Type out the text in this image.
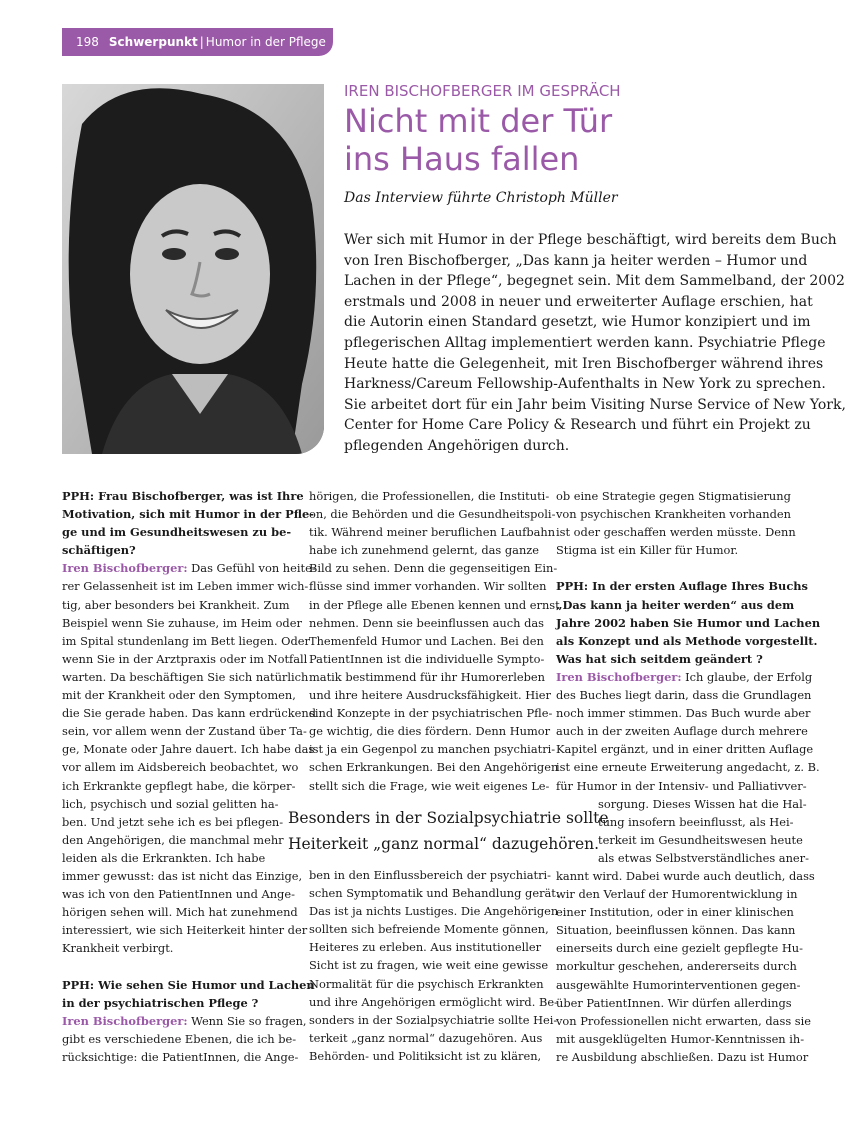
198 Schwerpunkt | Humor in der Pflege
IREN BISCHOFBERGER IM GESPRÄCH
Nicht mit der Tür
ins Haus fallen
Das Interview führte Christoph Müller
Wer sich mit Humor in der Pflege beschäftigt, wird bereits dem Buch
von Iren Bischofberger, „Das kann ja heiter werden – Humor und
Lachen in der Pflege“, begegnet sein. Mit dem Sammelband, der 2002
erstmals und 2008 in neuer und erweiterter Auflage erschien, hat
die Autorin einen Standard gesetzt, wie Humor konzipiert und im
pflegerischen Alltag implementiert werden kann. Psychiatrie Pflege
Heute hatte die Gelegenheit, mit Iren Bischofberger während ihres
Harkness/Careum Fellowship-Aufenthalts in New York zu sprechen.
Sie arbeitet dort für ein Jahr beim Visiting Nurse Service of New York,
Center for Home Care Policy & Research und führt ein Projekt zu
pflegenden Angehörigen durch.
PPH: Frau Bischofberger, was ist Ihre
Motivation, sich mit Humor in der Pfle-
ge und im Gesundheitswesen zu be-
schäftigen?
Iren Bischofberger: Das Gefühl von heite-
rer Gelassenheit ist im Leben immer wich-
tig, aber besonders bei Krankheit. Zum
Beispiel wenn Sie zuhause, im Heim oder
im Spital stundenlang im Bett liegen. Oder
wenn Sie in der Arztpraxis oder im Notfall
warten. Da beschäftigen Sie sich natürlich
mit der Krankheit oder den Symptomen,
die Sie gerade haben. Das kann erdrückend
sein, vor allem wenn der Zustand über Ta-
ge, Monate oder Jahre dauert. Ich habe das
vor allem im Aidsbereich beobachtet, wo
ich Erkrankte gepflegt habe, die körper-
lich, psychisch und sozial gelitten ha-
ben. Und jetzt sehe ich es bei pflegen-
den Angehörigen, die manchmal mehr
leiden als die Erkrankten. Ich habe
immer gewusst: das ist nicht das Einzige,
was ich von den PatientInnen und Ange-
hörigen sehen will. Mich hat zunehmend
interessiert, wie sich Heiterkeit hinter der
Krankheit verbirgt.

PPH: Wie sehen Sie Humor und Lachen
in der psychiatrischen Pflege ?
Iren Bischofberger: Wenn Sie so fragen,
gibt es verschiedene Ebenen, die ich be-
rücksichtige: die PatientInnen, die Ange-
hörigen, die Professionellen, die Instituti-
on, die Behörden und die Gesundheitspoli-
tik. Während meiner beruflichen Laufbahn
habe ich zunehmend gelernt, das ganze
Bild zu sehen. Denn die gegenseitigen Ein-
flüsse sind immer vorhanden. Wir sollten
in der Pflege alle Ebenen kennen und ernst
nehmen. Denn sie beeinflussen auch das
Themenfeld Humor und Lachen. Bei den
PatientInnen ist die individuelle Sympto-
matik bestimmend für ihr Humorerleben
und ihre heitere Ausdrucksfähigkeit. Hier
sind Konzepte in der psychiatrischen Pfle-
ge wichtig, die dies fördern. Denn Humor
ist ja ein Gegenpol zu manchen psychiatri-
schen Erkrankungen. Bei den Angehörigen
stellt sich die Frage, wie weit eigenes Le-
ben in den Einflussbereich der psychiatri-
schen Symptomatik und Behandlung gerät.
Das ist ja nichts Lustiges. Die Angehörigen
sollten sich befreiende Momente gönnen,
Heiteres zu erleben. Aus institutioneller
Sicht ist zu fragen, wie weit eine gewisse
Normalität für die psychisch Erkrankten
und ihre Angehörigen ermöglicht wird. Be-
sonders in der Sozialpsychiatrie sollte Hei-
terkeit „ganz normal“ dazugehören. Aus
Behörden- und Politiksicht ist zu klären,
ob eine Strategie gegen Stigmatisierung
von psychischen Krankheiten vorhanden
ist oder geschaffen werden müsste. Denn
Stigma ist ein Killer für Humor.

PPH: In der ersten Auflage Ihres Buchs
„Das kann ja heiter werden“ aus dem
Jahre 2002 haben Sie Humor und Lachen
als Konzept und als Methode vorgestellt.
Was hat sich seitdem geändert ?
Iren Bischofberger: Ich glaube, der Erfolg
des Buches liegt darin, dass die Grundlagen
noch immer stimmen. Das Buch wurde aber
auch in der zweiten Auflage durch mehrere
Kapitel ergänzt, und in einer dritten Auflage
ist eine erneute Erweiterung angedacht, z. B.
für Humor in der Intensiv- und Palliativver-
sorgung. Dieses Wissen hat die Hal-
tung insofern beeinflusst, als Hei-
terkeit im Gesundheitswesen heute
als etwas Selbstverständliches aner-
kannt wird. Dabei wurde auch deutlich, dass
wir den Verlauf der Humorentwicklung in
einer Institution, oder in einer klinischen
Situation, beeinflussen können. Das kann
einerseits durch eine gezielt gepflegte Hu-
morkultur geschehen, andererseits durch
ausgewählte Humorinterventionen gegen-
über PatientInnen. Wir dürfen allerdings
von Professionellen nicht erwarten, dass sie
mit ausgeklügelten Humor-Kenntnissen ih-
re Ausbildung abschließen. Dazu ist Humor
Besonders in der Sozialpsychiatrie sollte
Heiterkeit „ganz normal“ dazugehören.
